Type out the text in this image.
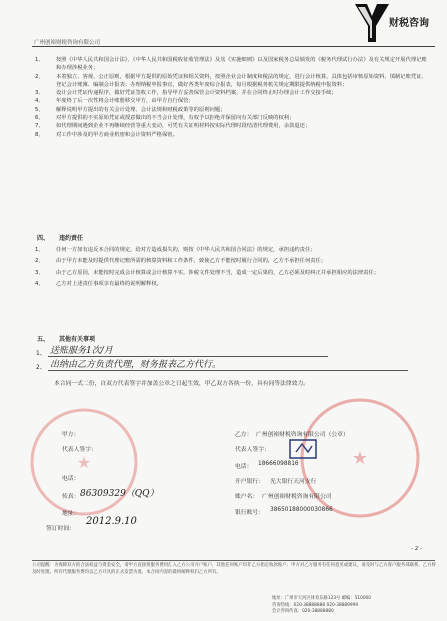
财税咨询
广州创裕财税咨询有限公司

1、 按照《中华人民共和国会计法》、《中华人民共和国税收征收管理法》及其《实施细则》以及国家税务总局颁发的《税务代理试行办法》及有关规定开展代理记账和办理涉税业务；

2、 本着独立、客观、公正原则，根据甲方提供的原始凭证和相关资料，按照企业会计制度和税法的规定，进行会计核算，具体包括审核原始资料、填制记账凭证、登记会计账簿、编制会计报表；办理纳税申报事宜，做好各类年度综合报表，每月根据税务机关规定期限提供纳税申报资料；

3、 设计会计凭证传递程序，做好凭证签收工作，指导甲方妥善保管会计资料档案，并在合同终止时办理会计工作交接手续；

4、 年度终了后一次性将会计账册移交甲方，由甲方自行保管；

5、 解释说明甲方提出的有关会计处理、会计法规和财税政策等的原则问题；

6、 对甲方提供的不实原始凭证或授意做出的不当会计处理，有权予以拒绝并保留向有关部门反映的权利；

7、 如代理期间遇到企业不再继续经营等重大变动，可凭有关证明材料按实际代理时段结清代理费用，余款退还；

8、 对工作中涉及的甲方商业机密和会计资料严格保密。

四、 违约责任

1、 任何一方如有违反本合同的规定，给对方造成损失的，则按《中华人民共和国合同法》的规定，承担违约责任；

2、 由于甲方未能及时提供代理记账所需的核算资料和工作条件，致使乙方不能按时履行合同的，乙方不承担任何责任；

3、 由于乙方原因，未能按时完成会计核算或会计核算不实，涉税文件处理不当，造成一定后果的，乙方必须及时纠正并承担相应的法律责任；

4、 乙方对上述责任事项享有最终的说明解释权。

五、 其他有关事项
1、 送账服务1次/月
2、 出纳由乙方负责代理，财务报表乙方代行。
本合同一式二份，自双方代表签字并加盖公章之日起生效，甲乙双方各执一份，具有同等法律效力。
★	★
甲方：
代表人签字：
电话：
传真： 86309329（QQ）
地址：
签订时间：
2012.9.10
乙方： 广州创裕财税咨询有限公司（公章）
代表人签字：
电话： 18666098816
开户银行： 光大银行天河支行
账户名： 广州创裕财税咨询有限公司
银行账号： 38650188000030866
- 2 -
公司提醒：为保障双方的合法权益与资金安全，请甲方直接将服务费用汇入乙方公司开户账户，其他任何账户均非乙方指定收款账户；甲方对乙方服务有任何意见或建议，请及时与乙方客户服务部联系，乙方将及时处理。所有代理服务费均以乙方开具的正式发票为准，本合同内容的最终解释权归乙方所有。
地址：广州市天河区体育东路123号 邮编：510000
咨询热线：020-38888888 020-38889999
会计咨询传真：020-38888880
